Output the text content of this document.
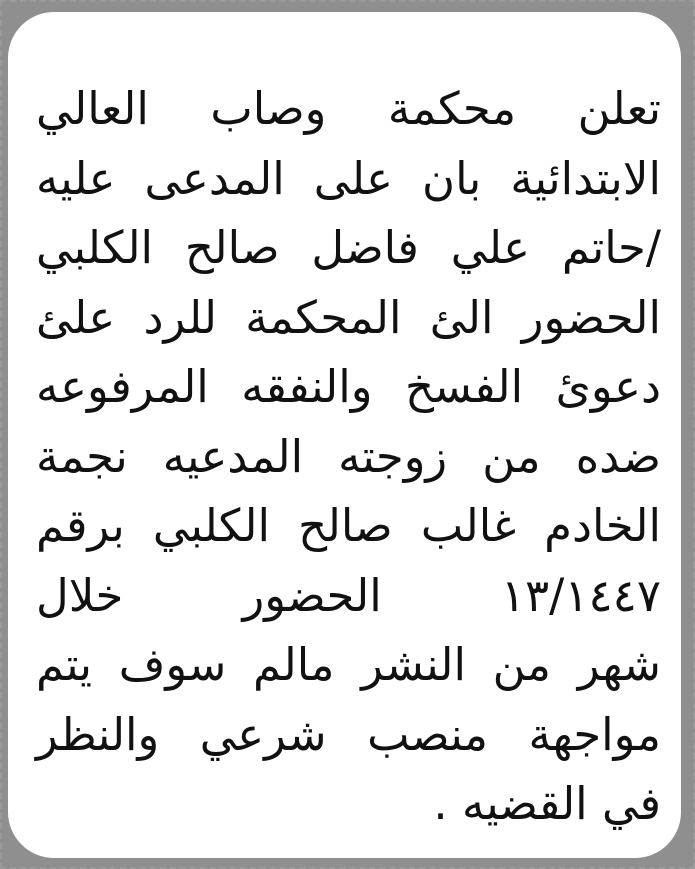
تعلن محكمة وصاب العالي
الابتدائية بان على المدعى عليه
/حاتم علي فاضل صالح الكلبي
الحضور الئ المحكمة للرد علئ
دعوئ الفسخ والنفقه المرفوعه
ضده من زوجته المدعيه نجمة
الخادم غالب صالح الكلبي برقم
١٣/١٤٤٧ الحضور خلال
شهر من النشر مالم سوف يتم
مواجهة منصب شرعي والنظر
في القضيه .
